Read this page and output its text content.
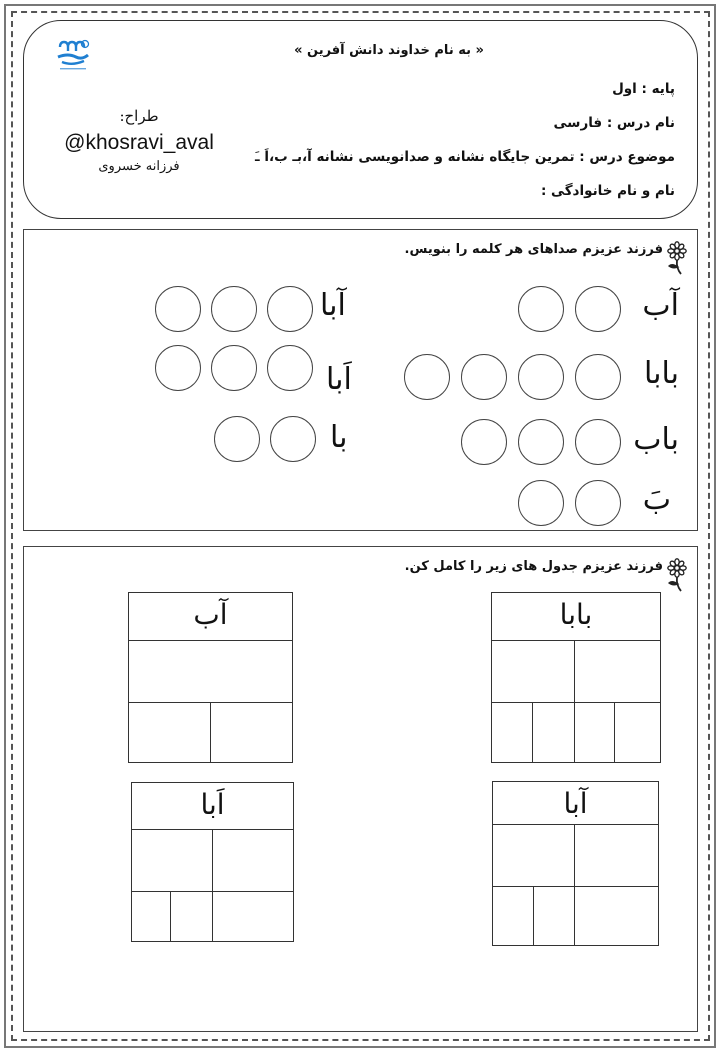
« به نام خداوند دانش آفرین »
پایه : اول
نام درس : فارسی
موضوع درس : تمرین جایگاه نشانه و صدانویسی نشانه آ،بـ ب،اَ ـَ
نام و نام خانوادگی :
طراح:
@khosravi_aval
فرزانه خسروی
فرزند عزیزم صداهای هر کلمه را بنویس.
آب
بابا
باب
بَ
آبا
اَبا
با
فرزند عزیزم جدول های زیر را کامل کن.
بابا
آب
آبا
اَبا
